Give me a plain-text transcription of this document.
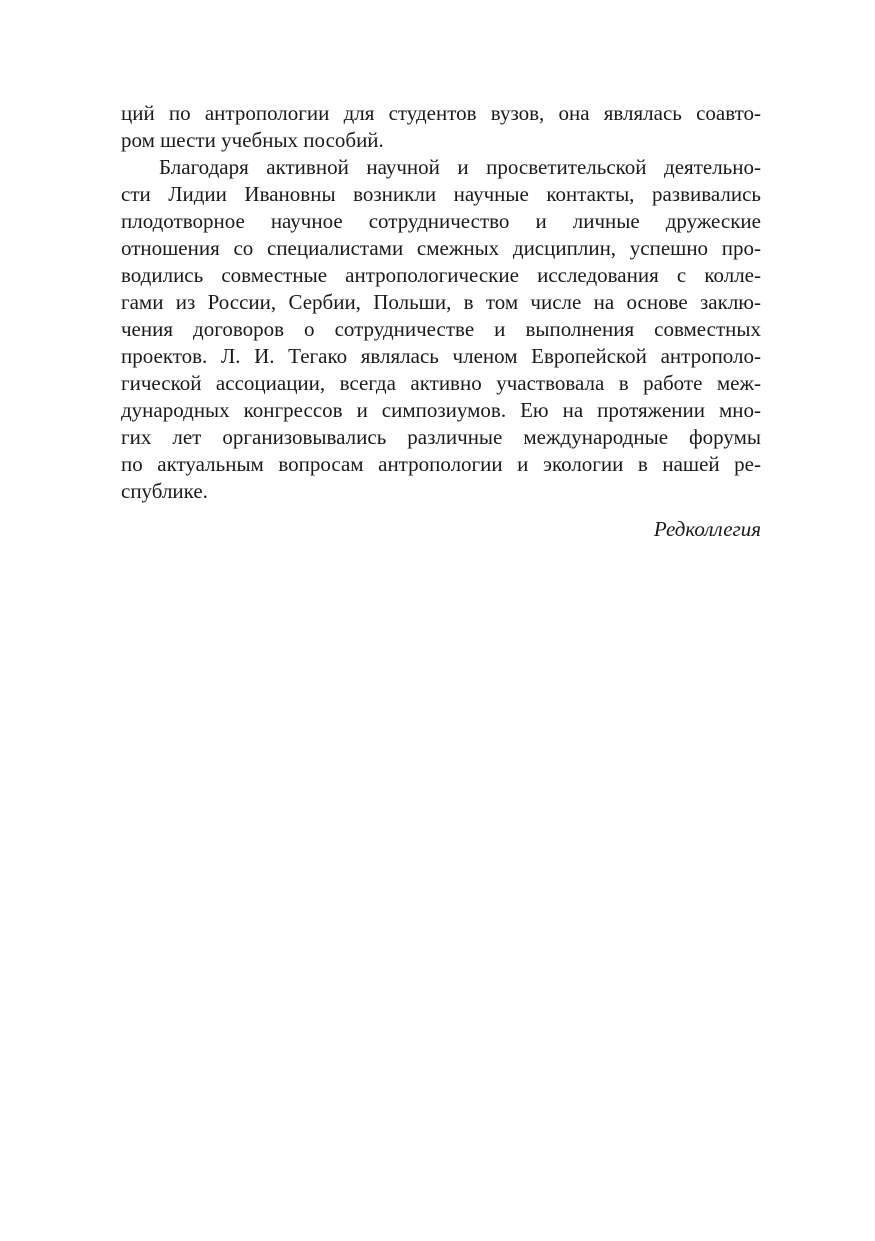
ций по антропологии для студентов вузов, она являлась соавто-
ром шести учебных пособий.
Благодаря активной научной и просветительской деятельно-
сти Лидии Ивановны возникли научные контакты, развивались
плодотворное научное сотрудничество и личные дружеские
отношения со специалистами смежных дисциплин, успешно про-
водились совместные антропологические исследования с колле-
гами из России, Сербии, Польши, в том числе на основе заклю-
чения договоров о сотрудничестве и выполнения совместных
проектов. Л. И. Тегако являлась членом Европейской антрополо-
гической ассоциации, всегда активно участвовала в работе меж-
дународных конгрессов и симпозиумов. Ею на протяжении мно-
гих лет организовывались различные международные форумы
по актуальным вопросам антропологии и экологии в нашей ре-
спублике.
Редколлегия
